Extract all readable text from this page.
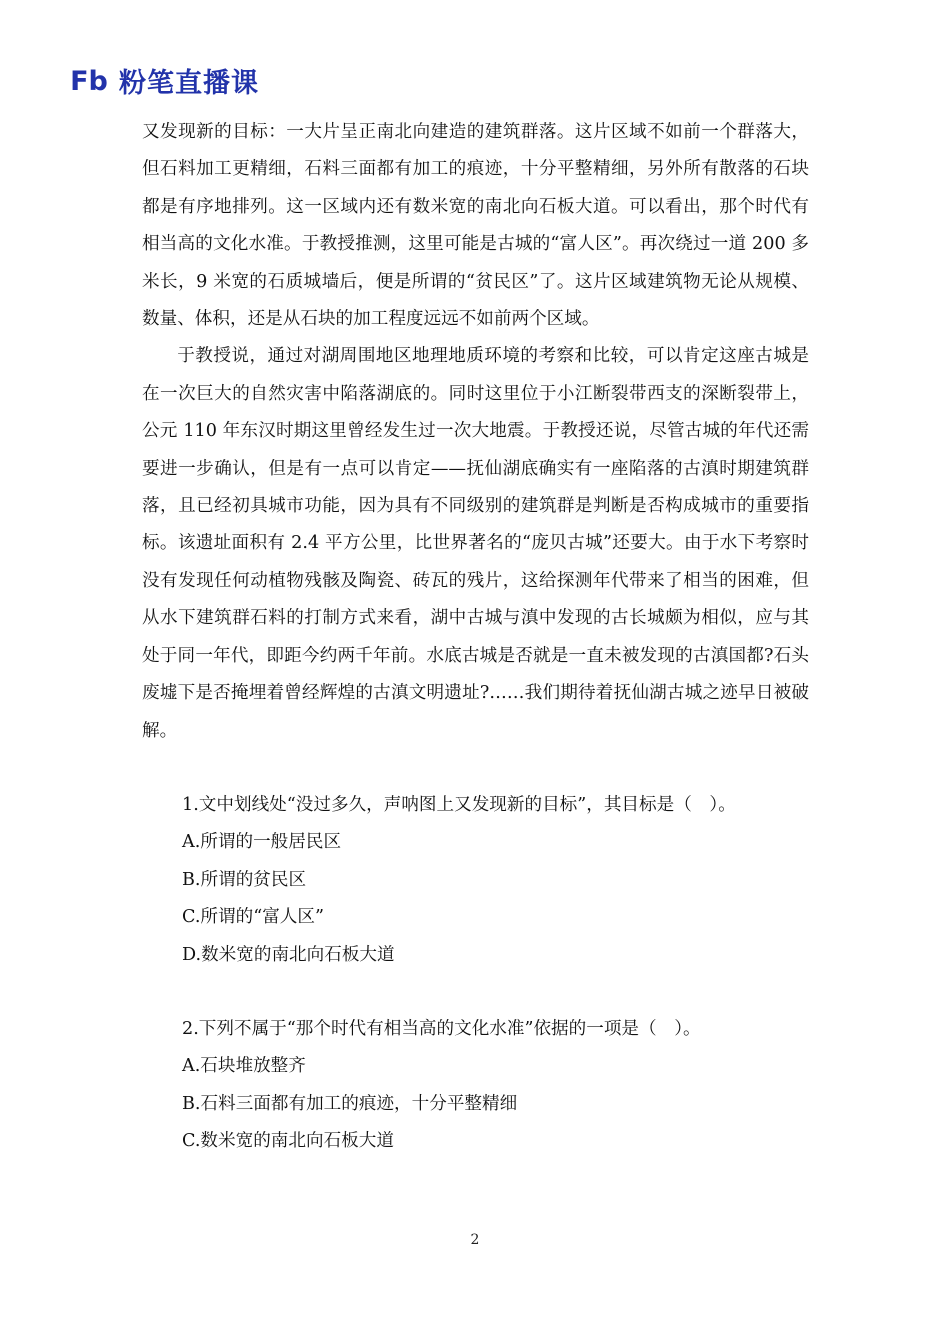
Fb 粉笔直播课

又发现新的目标：一大片呈正南北向建造的建筑群落。这片区域不如前一个群落大，但石料加工更精细，石料三面都有加工的痕迹，十分平整精细，另外所有散落的石块都是有序地排列。这一区域内还有数米宽的南北向石板大道。可以看出，那个时代有相当高的文化水准。于教授推测，这里可能是古城的“富人区”。再次绕过一道 200 多米长，9 米宽的石质城墙后，便是所谓的“贫民区”了。这片区域建筑物无论从规模、数量、体积，还是从石块的加工程度远远不如前两个区域。

于教授说，通过对湖周围地区地理地质环境的考察和比较，可以肯定这座古城是在一次巨大的自然灾害中陷落湖底的。同时这里位于小江断裂带西支的深断裂带上，公元 110 年东汉时期这里曾经发生过一次大地震。于教授还说，尽管古城的年代还需要进一步确认，但是有一点可以肯定——抚仙湖底确实有一座陷落的古滇时期建筑群落，且已经初具城市功能，因为具有不同级别的建筑群是判断是否构成城市的重要指标。该遗址面积有 2.4 平方公里，比世界著名的“庞贝古城”还要大。由于水下考察时没有发现任何动植物残骸及陶瓷、砖瓦的残片，这给探测年代带来了相当的困难，但从水下建筑群石料的打制方式来看，湖中古城与滇中发现的古长城颇为相似，应与其处于同一年代，即距今约两千年前。水底古城是否就是一直未被发现的古滇国都?石头废墟下是否掩埋着曾经辉煌的古滇文明遗址?……我们期待着抚仙湖古城之迹早日被破解。

1.文中划线处“没过多久，声呐图上又发现新的目标”，其目标是（　）。
A.所谓的一般居民区
B.所谓的贫民区
C.所谓的“富人区”
D.数米宽的南北向石板大道
2.下列不属于“那个时代有相当高的文化水准”依据的一项是（　）。
A.石块堆放整齐
B.石料三面都有加工的痕迹，十分平整精细
C.数米宽的南北向石板大道
2
